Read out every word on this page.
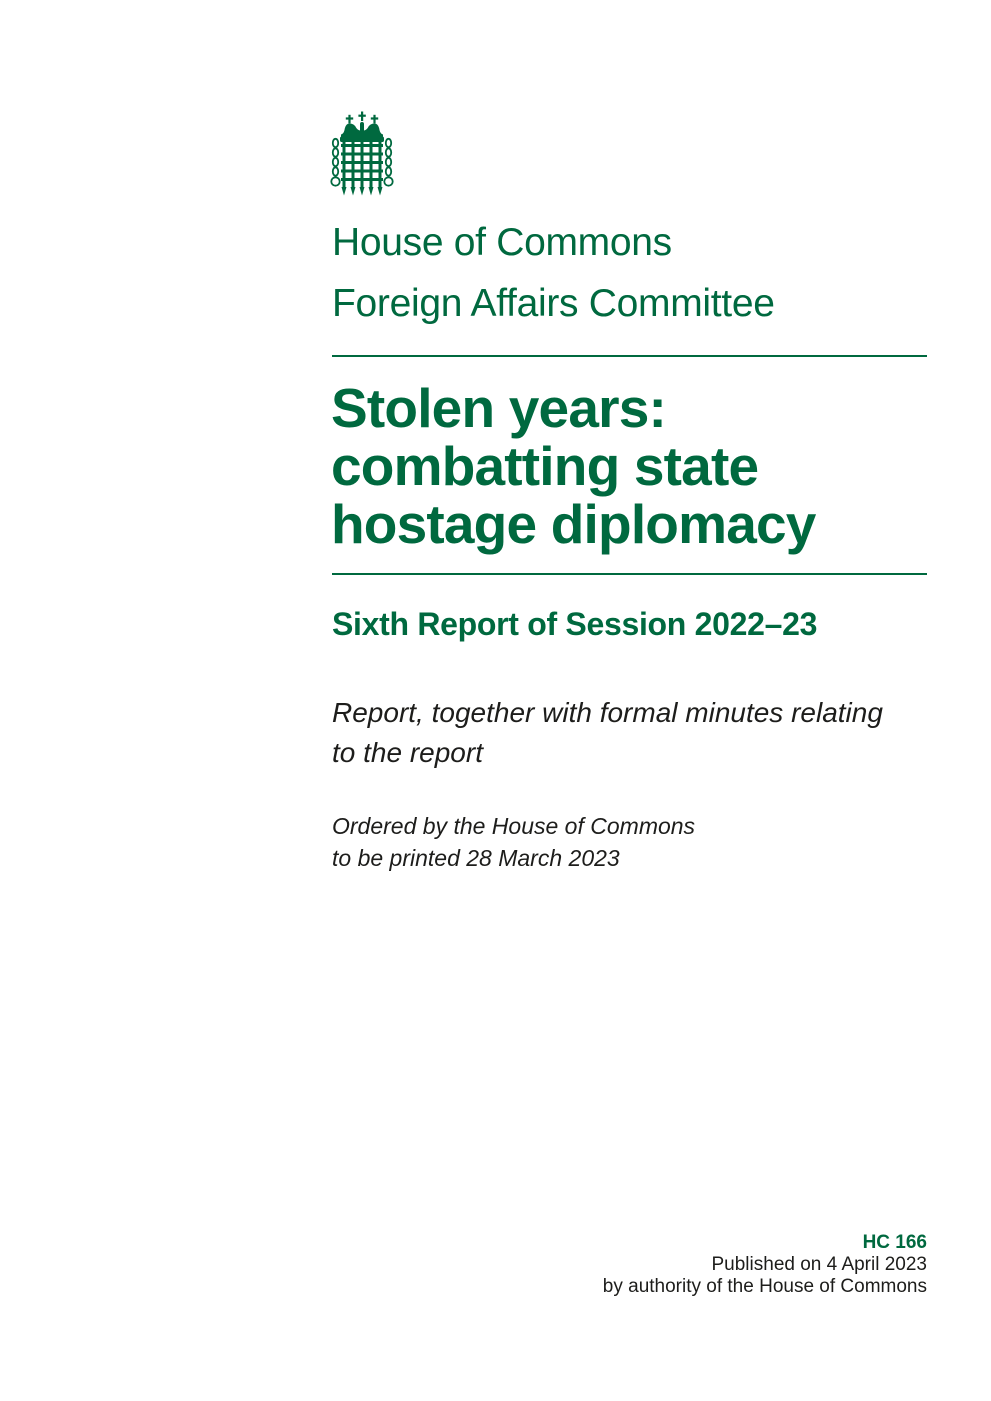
House of Commons
Foreign Affairs Committee
Stolen years:
combatting state
hostage diplomacy
Sixth Report of Session 2022–23

Report, together with formal minutes relating
to the report

Ordered by the House of Commons
to be printed 28 March 2023

HC 166
Published on 4 April 2023
by authority of the House of Commons
